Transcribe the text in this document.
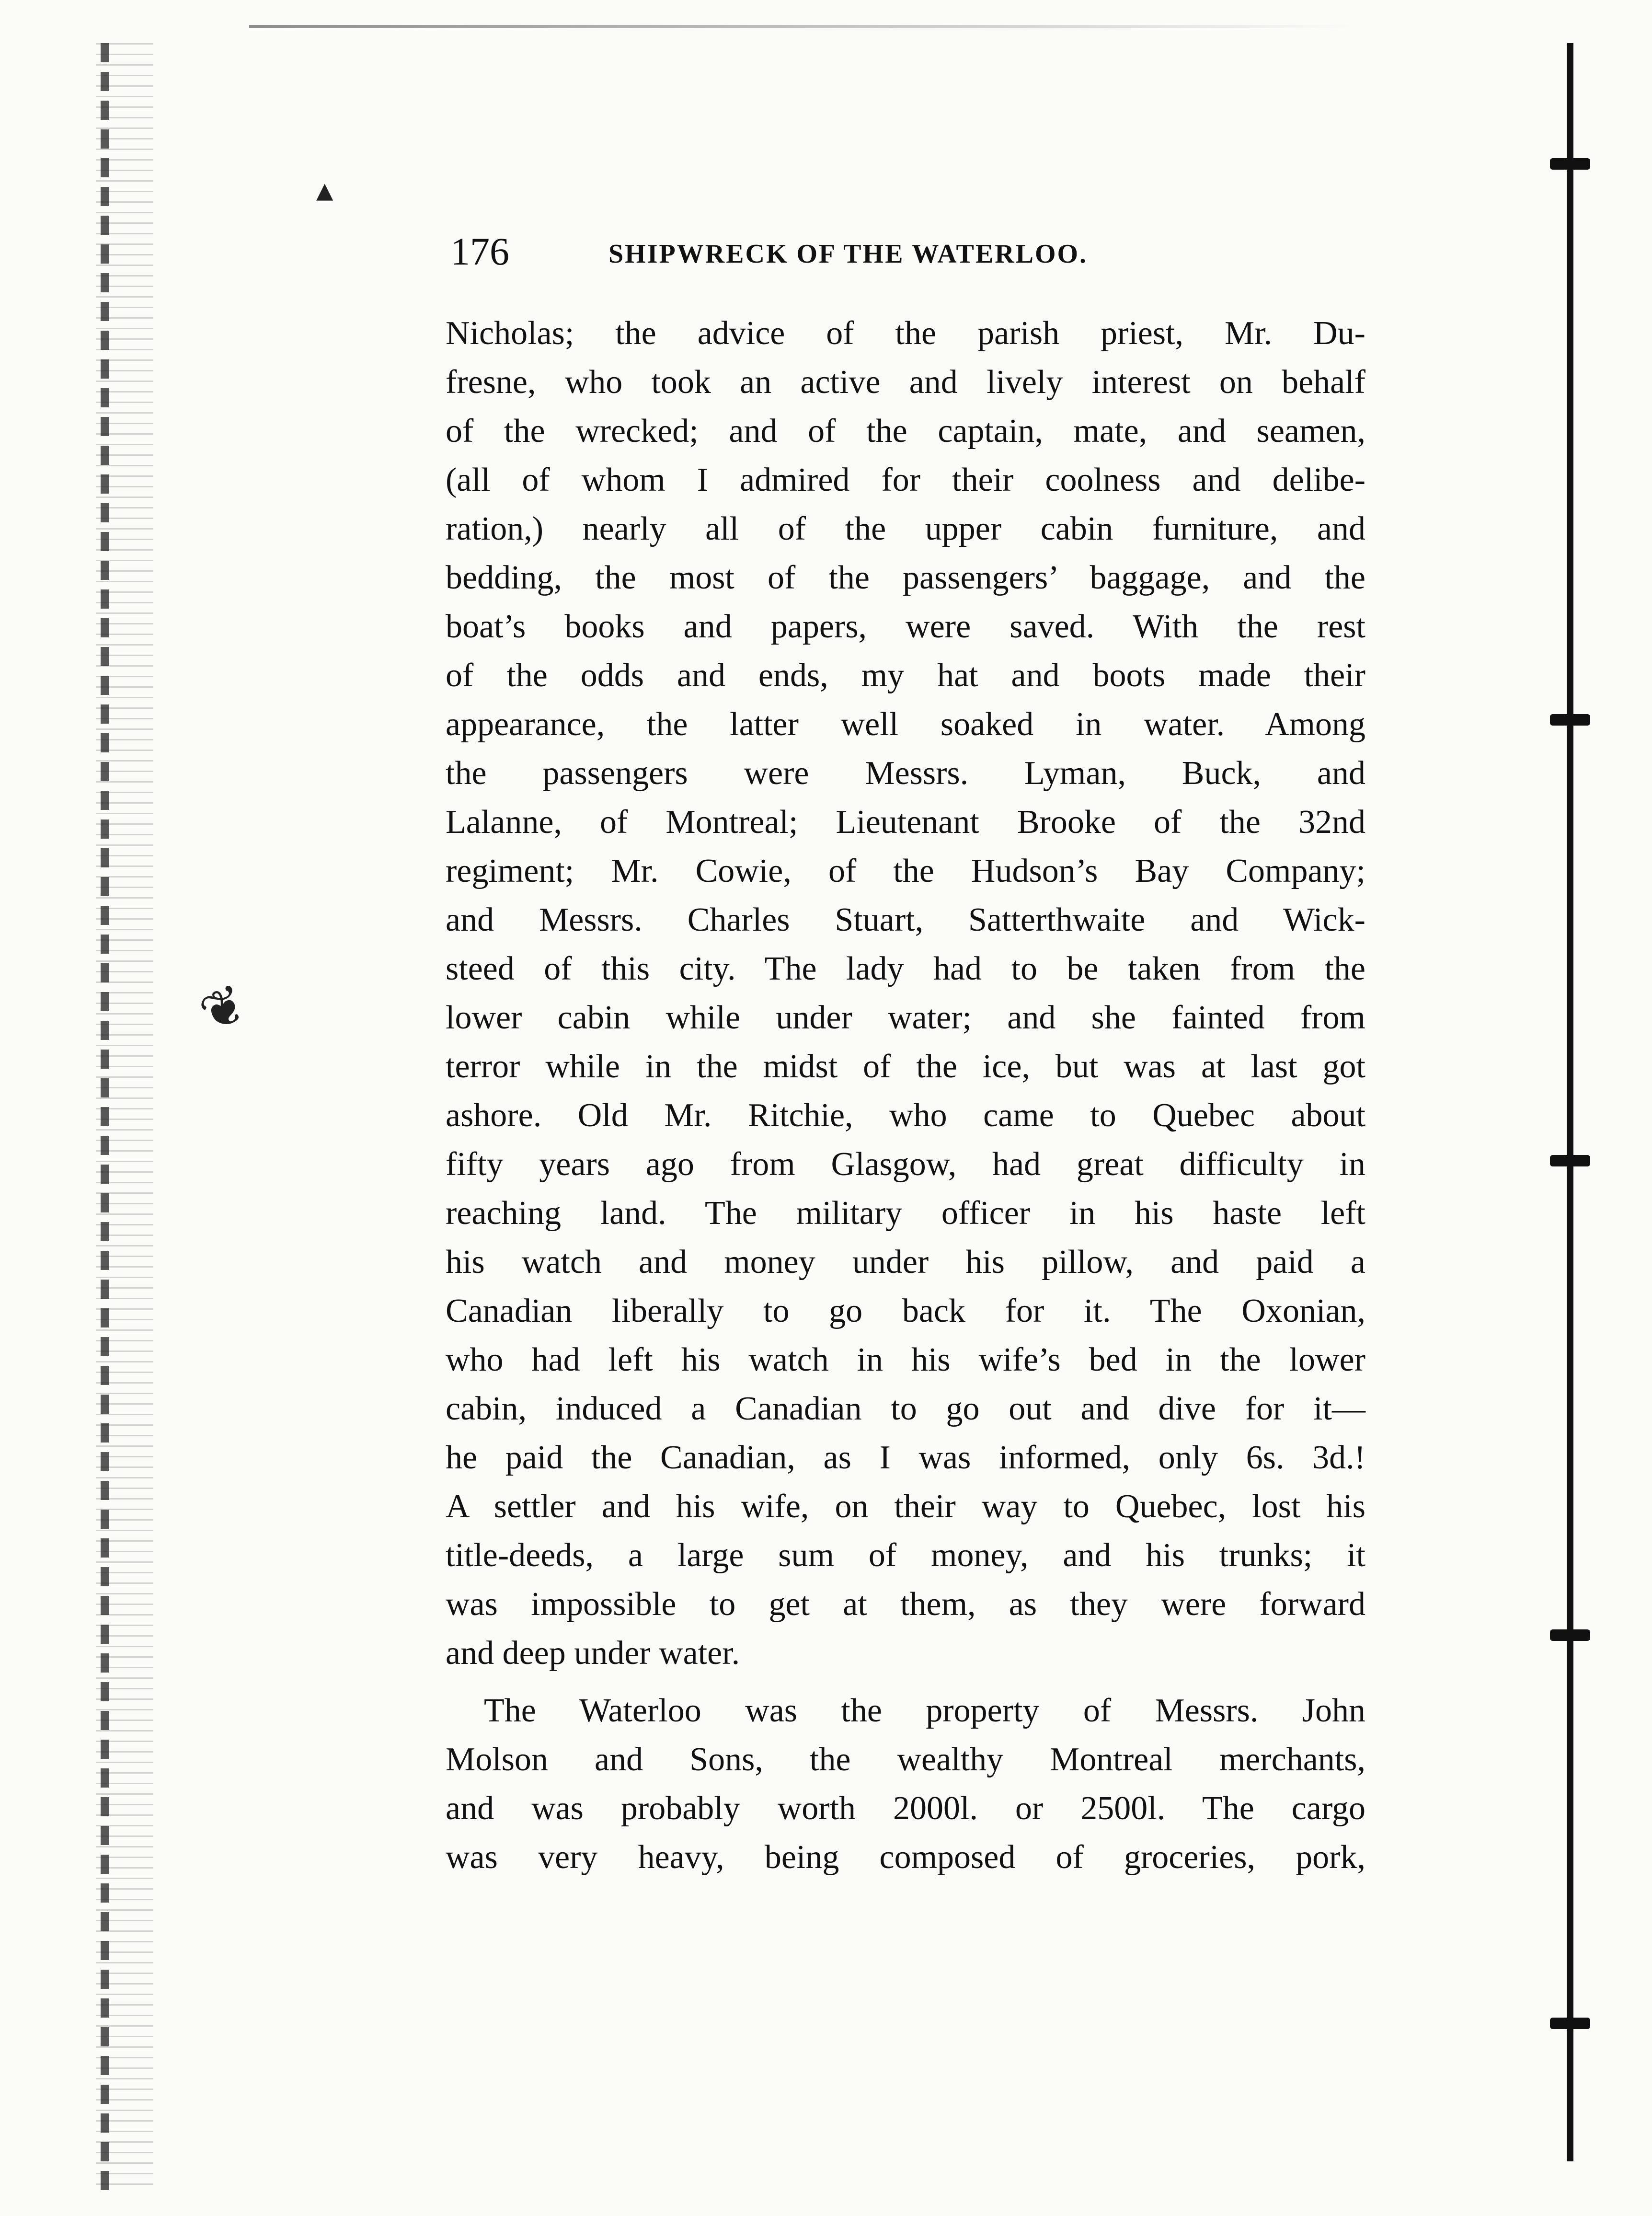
▲
❦
176	SHIPWRECK OF THE WATERLOO.
Nicholas; the advice of the parish priest, Mr. Du-
fresne, who took an active and lively interest on behalf
of the wrecked; and of the captain, mate, and seamen,
(all of whom I admired for their coolness and delibe-
ration,) nearly all of the upper cabin furniture, and
bedding, the most of the passengers’ baggage, and the
boat’s books and papers, were saved. With the rest
of the odds and ends, my hat and boots made their
appearance, the latter well soaked in water. Among
the passengers were Messrs. Lyman, Buck, and
Lalanne, of Montreal; Lieutenant Brooke of the 32nd
regiment; Mr. Cowie, of the Hudson’s Bay Company;
and Messrs. Charles Stuart, Satterthwaite and Wick-
steed of this city. The lady had to be taken from the
lower cabin while under water; and she fainted from
terror while in the midst of the ice, but was at last got
ashore. Old Mr. Ritchie, who came to Quebec about
fifty years ago from Glasgow, had great difficulty in
reaching land. The military officer in his haste left
his watch and money under his pillow, and paid a
Canadian liberally to go back for it. The Oxonian,
who had left his watch in his wife’s bed in the lower
cabin, induced a Canadian to go out and dive for it—
he paid the Canadian, as I was informed, only 6s. 3d.!
A settler and his wife, on their way to Quebec, lost his
title-deeds, a large sum of money, and his trunks; it
was impossible to get at them, as they were forward
and deep under water.
The Waterloo was the property of Messrs. John
Molson and Sons, the wealthy Montreal merchants,
and was probably worth 2000l. or 2500l. The cargo
was very heavy, being composed of groceries, pork,
